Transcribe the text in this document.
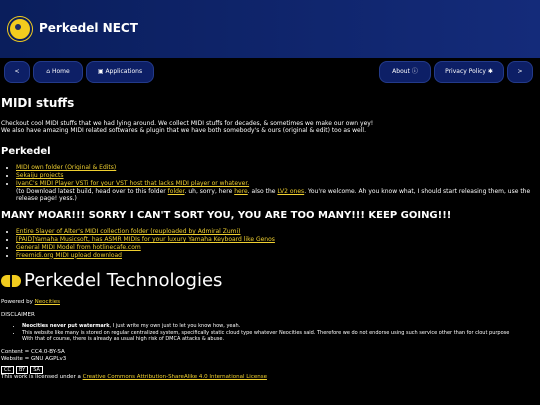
Perkedel NECT
<	⌂ Home	▣ Applications	About ⓘ	Privacy Policy ✱	>
MIDI stuffs

Checkout cool MIDI stuffs that we had lying around. We collect MIDI stuffs for decades, & sometimes we make our own yey!

We also have amazing MIDI related softwares & plugin that we have both somebody's & ours (original & edit) too as well.

Perkedel
• MIDI own folder (Original & Edits)
• Sekaiju projects
• IvanC's MIDI Player VSTi for your VST host that lacks MIDI player or whatever.
(to Download latest build, head over to this folder folder. uh, sorry, here here. also the LV2 ones. You're welcome. Ah you know what, I should start releasing them, use the release page! yess.)
MANY MOAR!!! SORRY I CAN'T SORT YOU, YOU ARE TOO MANY!!! KEEP GOING!!!
• Entire Slayer of Alter's MIDI collection folder (reuploaded by Admiral Zumi)
• [PAID]Yamaha Musicsoft, has ASMR MIDIs for your luxury Yamaha Keyboard like Genos
• General MIDI Model from hotlinecafe.com
• Freemidi.org MIDI upload download
Perkedel Technologies
Powered by Neocities
DISCLAIMER
• Neocities never put watermark, I just write my own just to let you know how, yeah.
• This website like many is stored on regular centralized system, specifically static cloud type whatever Neocities said. Therefore we do not endorse using such service other than for clout purpose
With that of course, there is already as usual high risk of DMCA attacks & abuse.
Content = CC4.0-BY-SA
Website = GNU AGPLv3
CC BY SA
This work is licensed under a Creative Commons Attribution-ShareAlike 4.0 International License
